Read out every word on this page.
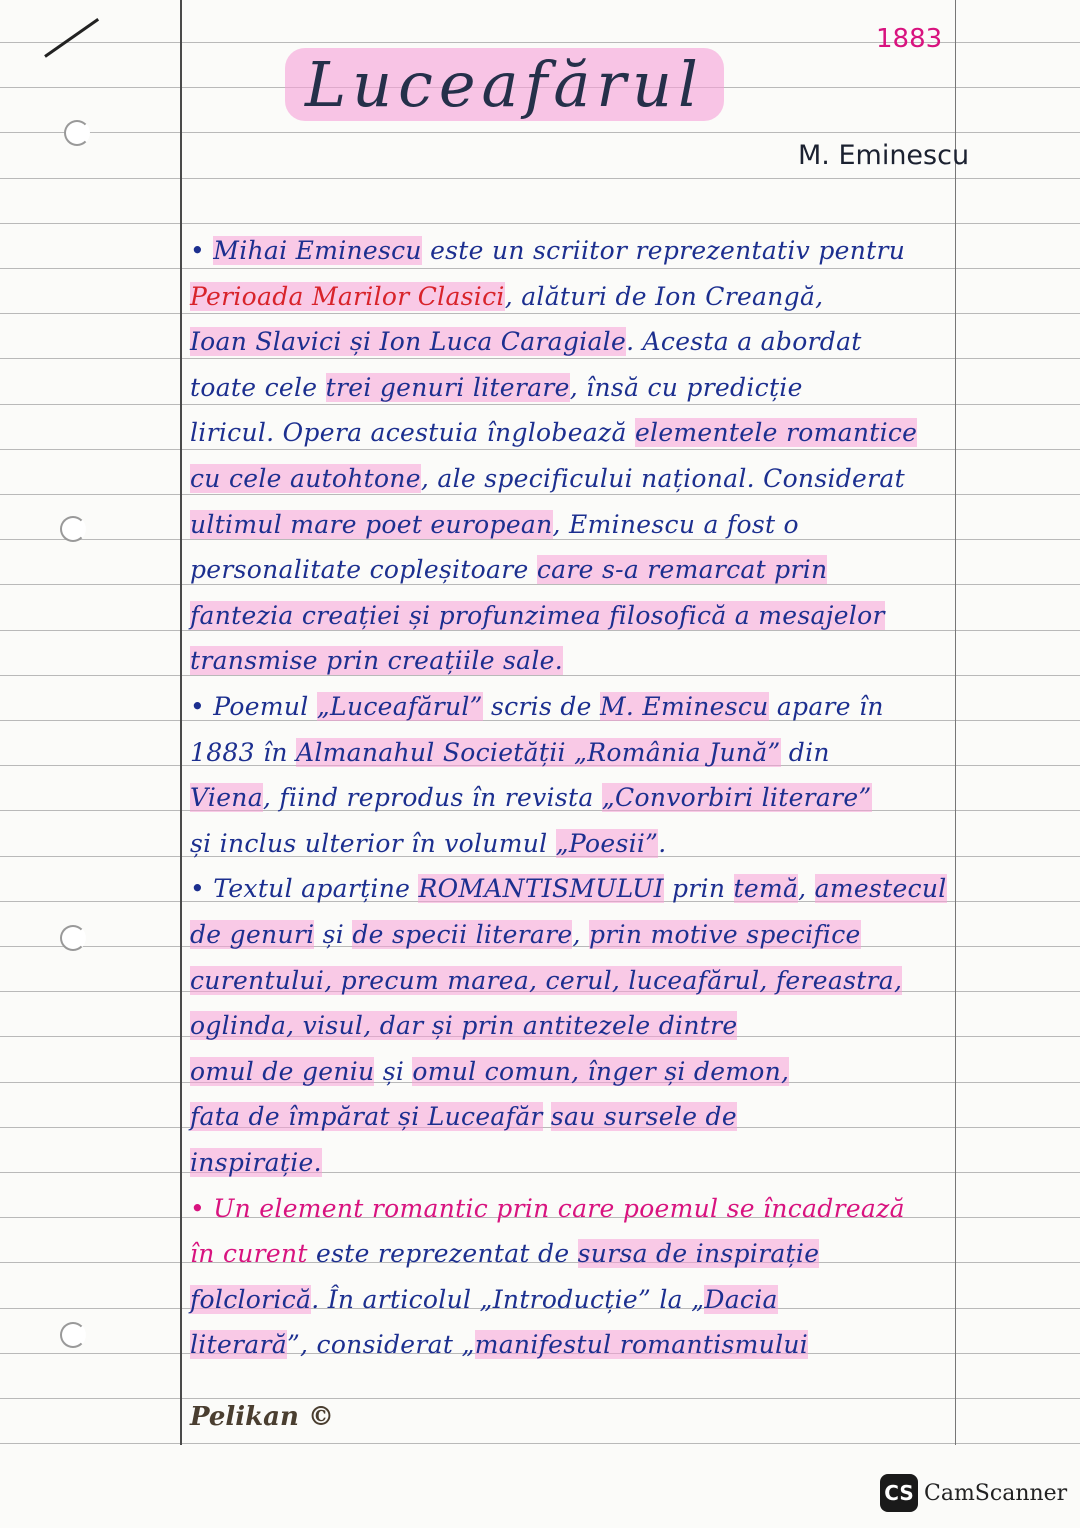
Luceafărul
1883
M. Eminescu
• Mihai Eminescu este un scriitor reprezentativ pentru
Perioada Marilor Clasici, alături de Ion Creangă,
Ioan Slavici și Ion Luca Caragiale. Acesta a abordat
toate cele trei genuri literare, însă cu predicție
liricul. Opera acestuia înglobează elementele romantice
cu cele autohtone, ale specificului național. Considerat
ultimul mare poet european, Eminescu a fost o
personalitate copleșitoare care s-a remarcat prin
fantezia creației și profunzimea filosofică a mesajelor
transmise prin creațiile sale.
• Poemul „Luceafărul” scris de M. Eminescu apare în
1883 în Almanahul Societății „România Jună” din
Viena, fiind reprodus în revista „Convorbiri literare”
și inclus ulterior în volumul „Poesii”.
• Textul aparține ROMANTISMULUI prin temă, amestecul
de genuri și de specii literare, prin motive specifice
curentului, precum marea, cerul, luceafărul, fereastra,
oglinda, visul, dar și prin antitezele dintre
omul de geniu și omul comun, înger și demon,
fata de împărat și Luceafăr sau sursele de
inspirație.
• Un element romantic prin care poemul se încadrează
în curent este reprezentat de sursa de inspirație
folclorică. În articolul „Introducție” la „Dacia
literară”, considerat „manifestul romantismului
Pelikan ©
CS CamScanner
